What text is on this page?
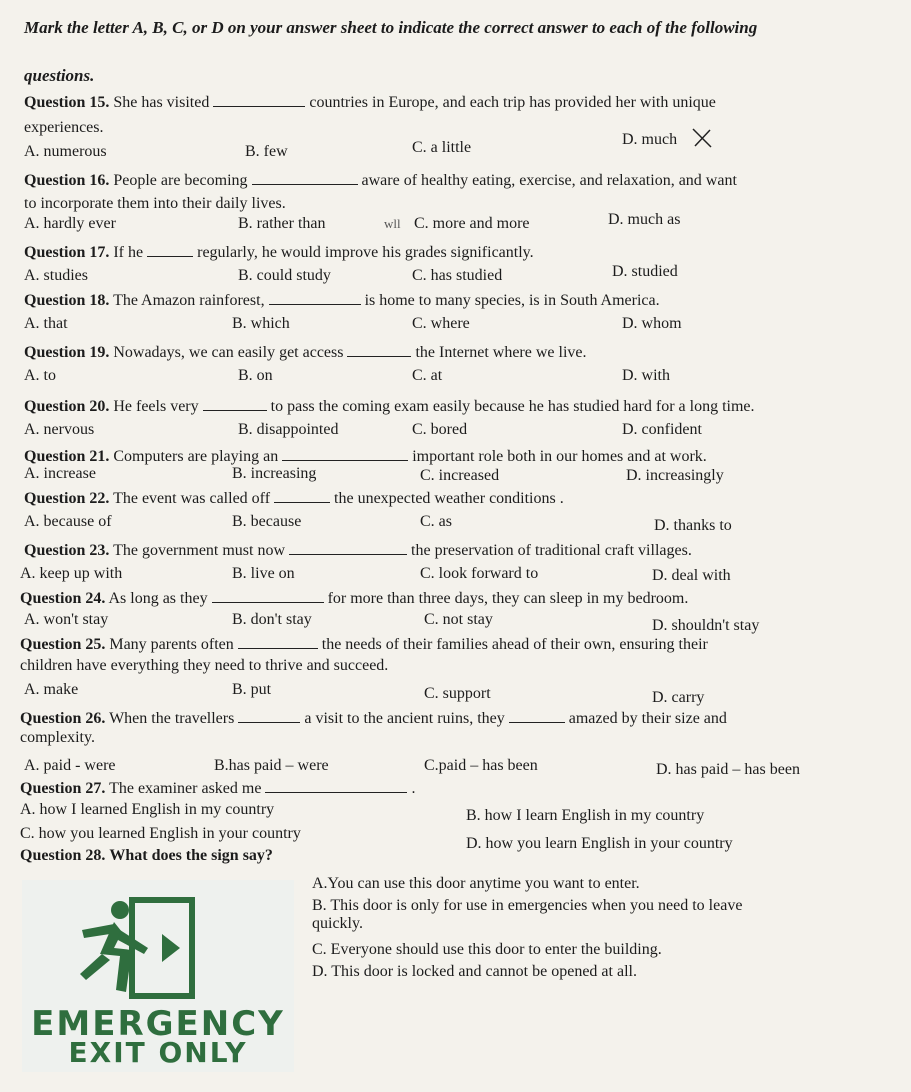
Mark the letter A, B, C, or D on your answer sheet to indicate the correct answer to each of the following
questions.
Question 15. She has visited	countries in Europe, and each trip has provided her with unique
experiences.
A. numerous	B. few	C. a little	D. much
Question 16. People are becoming	aware of healthy eating, exercise, and relaxation, and want
to incorporate them into their daily lives.
A. hardly ever	B. rather than	wll C. more and more	D. much as
Question 17. If he	regularly, he would improve his grades significantly.
A. studies	B. could study	C. has studied	D. studied
Question 18. The Amazon rainforest,	is home to many species, is in South America.
A. that	B. which	C. where	D. whom
Question 19. Nowadays, we can easily get access	the Internet where we live.
A. to	B. on	C. at	D. with
Question 20. He feels very	to pass the coming exam easily because he has studied hard for a long time.
A. nervous	B. disappointed	C. bored	D. confident
Question 21. Computers are playing an	important role both in our homes and at work.
A. increase	B. increasing	C. increased	D. increasingly
Question 22. The event was called off	the unexpected weather conditions .
A. because of	B. because	C. as	D. thanks to
Question 23. The government must now	the preservation of traditional craft villages.
A. keep up with	B. live on	C. look forward to	D. deal with
Question 24. As long as they	for more than three days, they can sleep in my bedroom.
A. won't stay	B. don't stay	C. not stay	D. shouldn't stay
Question 25. Many parents often	the needs of their families ahead of their own, ensuring their
children have everything they need to thrive and succeed.
A. make	B. put	C. support	D. carry
Question 26. When the travellers	a visit to the ancient ruins, they	amazed by their size and
complexity.
A. paid - were	B.has paid – were	C.paid – has been	D. has paid – has been
Question 27. The examiner asked me	.
A. how I learned English in my country	B. how I learn English in my country
C. how you learned English in your country
D. how you learn English in your country
Question 28. What does the sign say?
A.You can use this door anytime you want to enter.
B. This door is only for use in emergencies when you need to leave
quickly.
C. Everyone should use this door to enter the building.
D. This door is locked and cannot be opened at all.
EMERGENCY
EXIT ONLY
